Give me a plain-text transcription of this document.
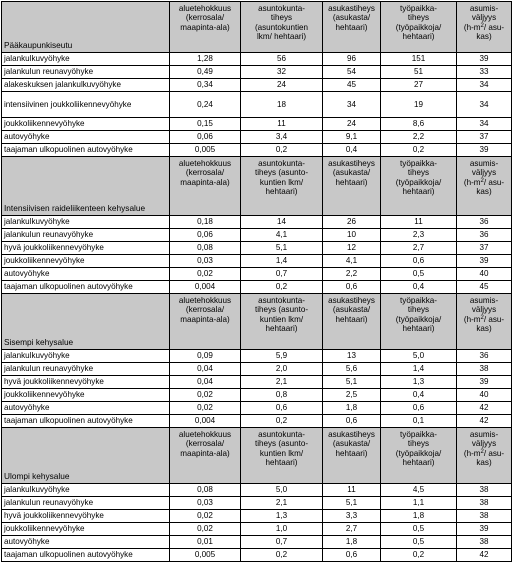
Pääkaupunkiseutu	aluetehokkuus
(kerrosala/
maapinta-ala)	asuntokunta-
tiheys
(asuntokuntien
lkm/ hehtaari)	asukastiheys
(asukasta/
hehtaari)	työpaikka-
tiheys
(työpaikkoja/
hehtaari)	asumis-
väljyys
($h-m^2/$ asu-
kas)
jalankulkuvyöhyke	1,28	56	96	151	39
jalankulun reunavyöhyke	0,49	32	54	51	33
alakeskuksen jalankulkuvyöhyke	0,34	24	45	27	34
intensiivinen joukkoliikennevyöhyke	0,24	18	34	19	34
joukkoliikennevyöhyke	0,15	11	24	8,6	34
autovyöhyke	0,06	3,4	9,1	2,2	37
taajaman ulkopuolinen autovyöhyke	0,005	0,2	0,4	0,2	39
Intensiivisen raideliikenteen kehysalue	aluetehokkuus
(kerrosala/
maapinta-ala)	asuntokunta-
tiheys (asunto-
kuntien lkm/
hehtaari)	asukastiheys
(asukasta/
hehtaari)	työpaikka-
tiheys
(työpaikkoja/
hehtaari)	asumis-
väljyys
($h-m^2/$ asu-
kas)
jalankulkuvyöhyke	0,18	14	26	11	36
jalankulun reunavyöhyke	0,06	4,1	10	2,3	36
hyvä joukkoliikennevyöhyke	0,08	5,1	12	2,7	37
joukkoliikennevyöhyke	0,03	1,4	4,1	0,6	39
autovyöhyke	0,02	0,7	2,2	0,5	40
taajaman ulkopuolinen autovyöhyke	0,004	0,2	0,6	0,4	45
Sisempi kehysalue	aluetehokkuus
(kerrosala/
maapinta-ala)	asuntokunta-
tiheys (asunto-
kuntien lkm/
hehtaari)	asukastiheys
(asukasta/
hehtaari)	työpaikka-
tiheys
(työpaikkoja/
hehtaari)	asumis-
väljyys
($h-m^2/$ asu-
kas)
jalankulkuvyöhyke	0,09	5,9	13	5,0	36
jalankulun reunavyöhyke	0,04	2,0	5,6	1,4	38
hyvä joukkoliikennevyöhyke	0,04	2,1	5,1	1,3	39
joukkoliikennevyöhyke	0,02	0,8	2,5	0,4	40
autovyöhyke	0,02	0,6	1,8	0,6	42
taajaman ulkopuolinen autovyöhyke	0,004	0,2	0,6	0,1	42
Ulompi kehysalue	aluetehokkuus
(kerrosala/
maapinta-ala)	asuntokunta-
tiheys (asunto-
kuntien lkm/
hehtaari)	asukastiheys
(asukasta/
hehtaari)	työpaikka-
tiheys
(työpaikkoja/
hehtaari)	asumis-
väljyys
($h-m^2/$ asu-
kas)
jalankulkuvyöhyke	0,08	5,0	11	4,5	38
jalankulun reunavyöhyke	0,03	2,1	5,1	1,1	38
hyvä joukkoliikennevyöhyke	0,02	1,3	3,3	1,8	38
joukkoliikennevyöhyke	0,02	1,0	2,7	0,5	39
autovyöhyke	0,01	0,7	1,8	0,5	38
taajaman ulkopuolinen autovyöhyke	0,005	0,2	0,6	0,2	42
